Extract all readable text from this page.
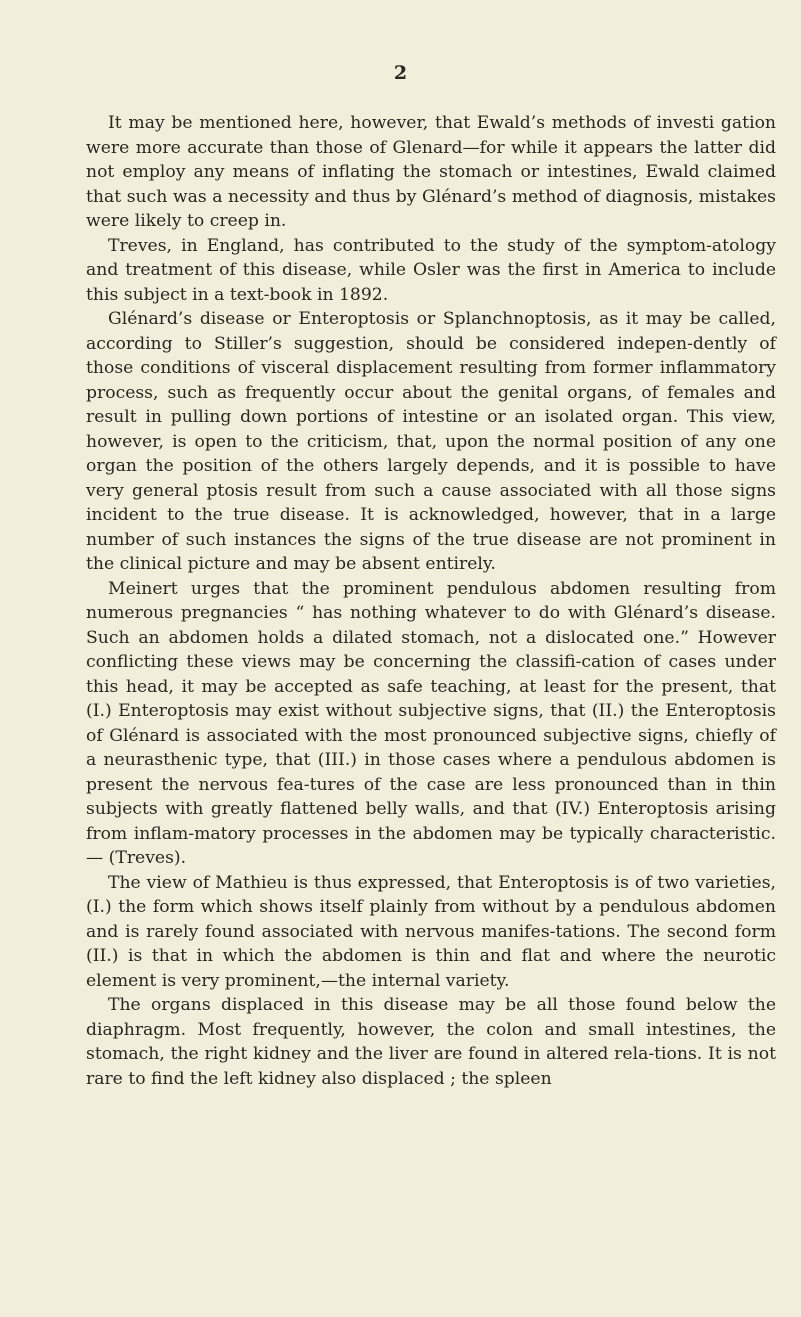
2

It may be mentioned here, however, that Ewald’s methods of investi gation were more accurate than those of Glenard—for while it appears the latter did not employ any means of inflating the stomach or intestines, Ewald claimed that such was a necessity and thus by Glénard’s method of diagnosis, mistakes were likely to creep in.

Treves, in England, has contributed to the study of the symptom-atology and treatment of this disease, while Osler was the first in America to include this subject in a text-book in 1892.

Glénard’s disease or Enteroptosis or Splanchnoptosis, as it may be called, according to Stiller’s suggestion, should be considered indepen-dently of those conditions of visceral displacement resulting from former inflammatory process, such as frequently occur about the genital organs, of females and result in pulling down portions of intestine or an isolated organ. This view, however, is open to the criticism, that, upon the normal position of any one organ the position of the others largely depends, and it is possible to have very general ptosis result from such a cause associated with all those signs incident to the true disease. It is acknowledged, however, that in a large number of such instances the signs of the true disease are not prominent in the clinical picture and may be absent entirely.

Meinert urges that the prominent pendulous abdomen resulting from numerous pregnancies “ has nothing whatever to do with Glénard’s disease. Such an abdomen holds a dilated stomach, not a dislocated one.” However conflicting these views may be concerning the classifi-cation of cases under this head, it may be accepted as safe teaching, at least for the present, that (I.) Enteroptosis may exist without subjective signs, that (II.) the Enteroptosis of Glénard is associated with the most pronounced subjective signs, chiefly of a neurasthenic type, that (III.) in those cases where a pendulous abdomen is present the nervous fea-tures of the case are less pronounced than in thin subjects with greatly flattened belly walls, and that (IV.) Enteroptosis arising from inflam-matory processes in the abdomen may be typically characteristic.— (Treves).

The view of Mathieu is thus expressed, that Enteroptosis is of two varieties, (I.) the form which shows itself plainly from without by a pendulous abdomen and is rarely found associated with nervous manifes-tations. The second form (II.) is that in which the abdomen is thin and flat and where the neurotic element is very prominent,—the internal variety.

The organs displaced in this disease may be all those found below the diaphragm. Most frequently, however, the colon and small intestines, the stomach, the right kidney and the liver are found in altered rela-tions. It is not rare to find the left kidney also displaced ; the spleen
